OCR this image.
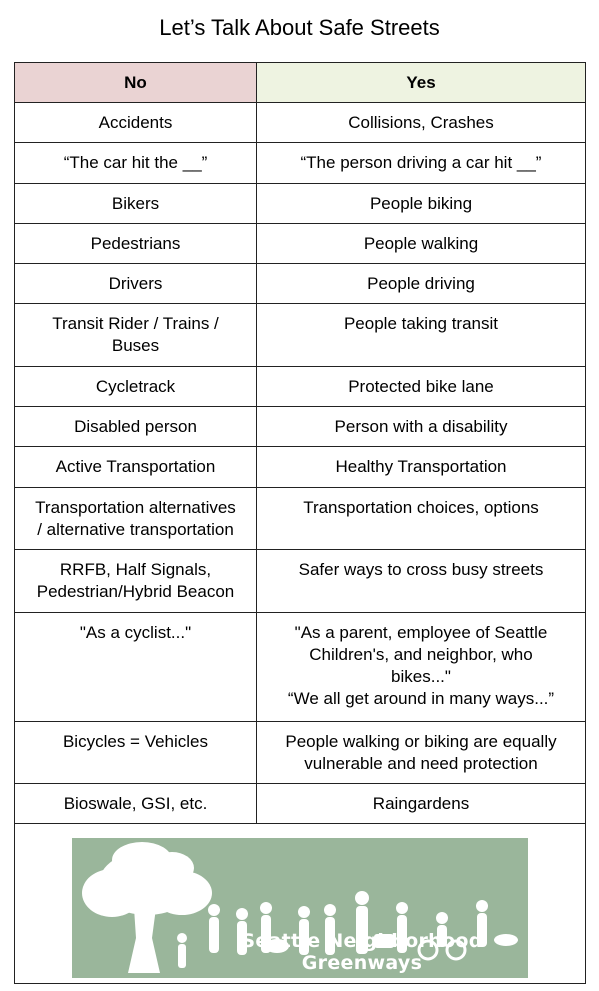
Let’s Talk About Safe Streets
No	Yes
Accidents	Collisions, Crashes
“The car hit the __”	“The person driving a car hit __”
Bikers	People biking
Pedestrians	People walking
Drivers	People driving
Transit Rider / Trains /
Buses	People taking transit
Cycletrack	Protected bike lane
Disabled person	Person with a disability
Active Transportation	Healthy Transportation
Transportation alternatives
/ alternative transportation	Transportation choices, options
RRFB, Half Signals,
Pedestrian/Hybrid Beacon	Safer ways to cross busy streets
"As a cyclist..."	"As a parent, employee of Seattle
Children's, and neighbor, who
bikes..."
“We all get around in many ways...”
Bicycles = Vehicles	People walking or biking are equally
vulnerable and need protection
Bioswale, GSI, etc.	Raingardens

Seattle Neighborhood Greenways	
